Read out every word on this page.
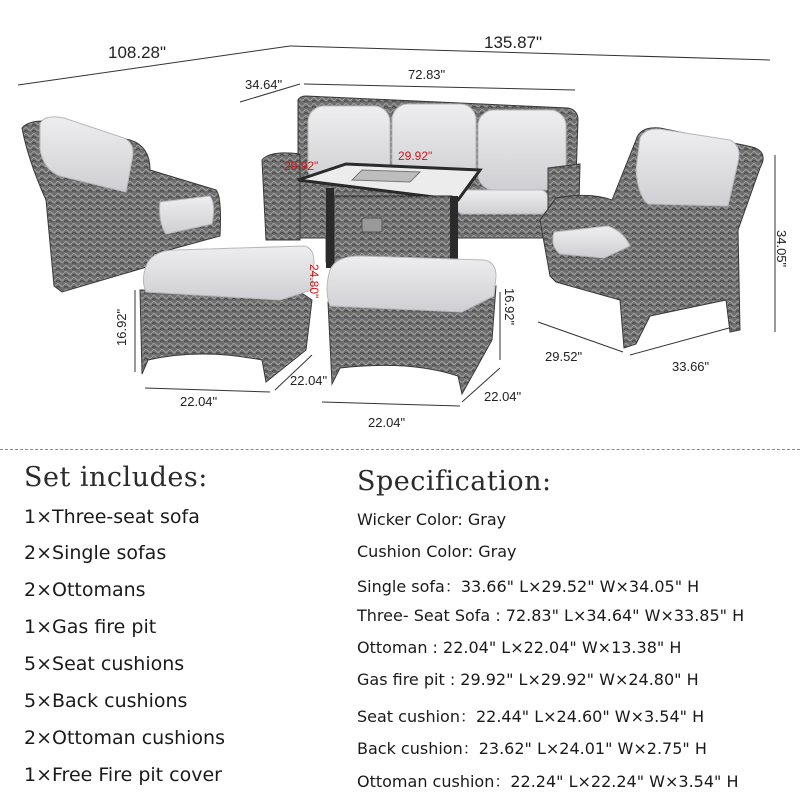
108.28"
135.87"
34.64"
72.83"
29.92"
29.92"
24.80"
34.05"
29.52"
33.66"
16.92"
22.04"
22.04"
16.92"
22.04"
22.04"
Set includes:	Specification:
1×Three-seat sofa
2×Single sofas
2×Ottomans
1×Gas fire pit
5×Seat cushions
5×Back cushions
2×Ottoman cushions
1×Free Fire pit cover
Wicker Color: Gray
Cushion Color: Gray
Single sofa：33.66" L×29.52" W×34.05" H
Three- Seat Sofa : 72.83" L×34.64" W×33.85" H
Ottoman : 22.04" L×22.04" W×13.38" H
Gas fire pit : 29.92" L×29.92" W×24.80" H
Seat cushion：22.44" L×24.60" W×3.54" H
Back cushion：23.62" L×24.01" W×2.75" H
Ottoman cushion：22.24" L×22.24" W×3.54" H
